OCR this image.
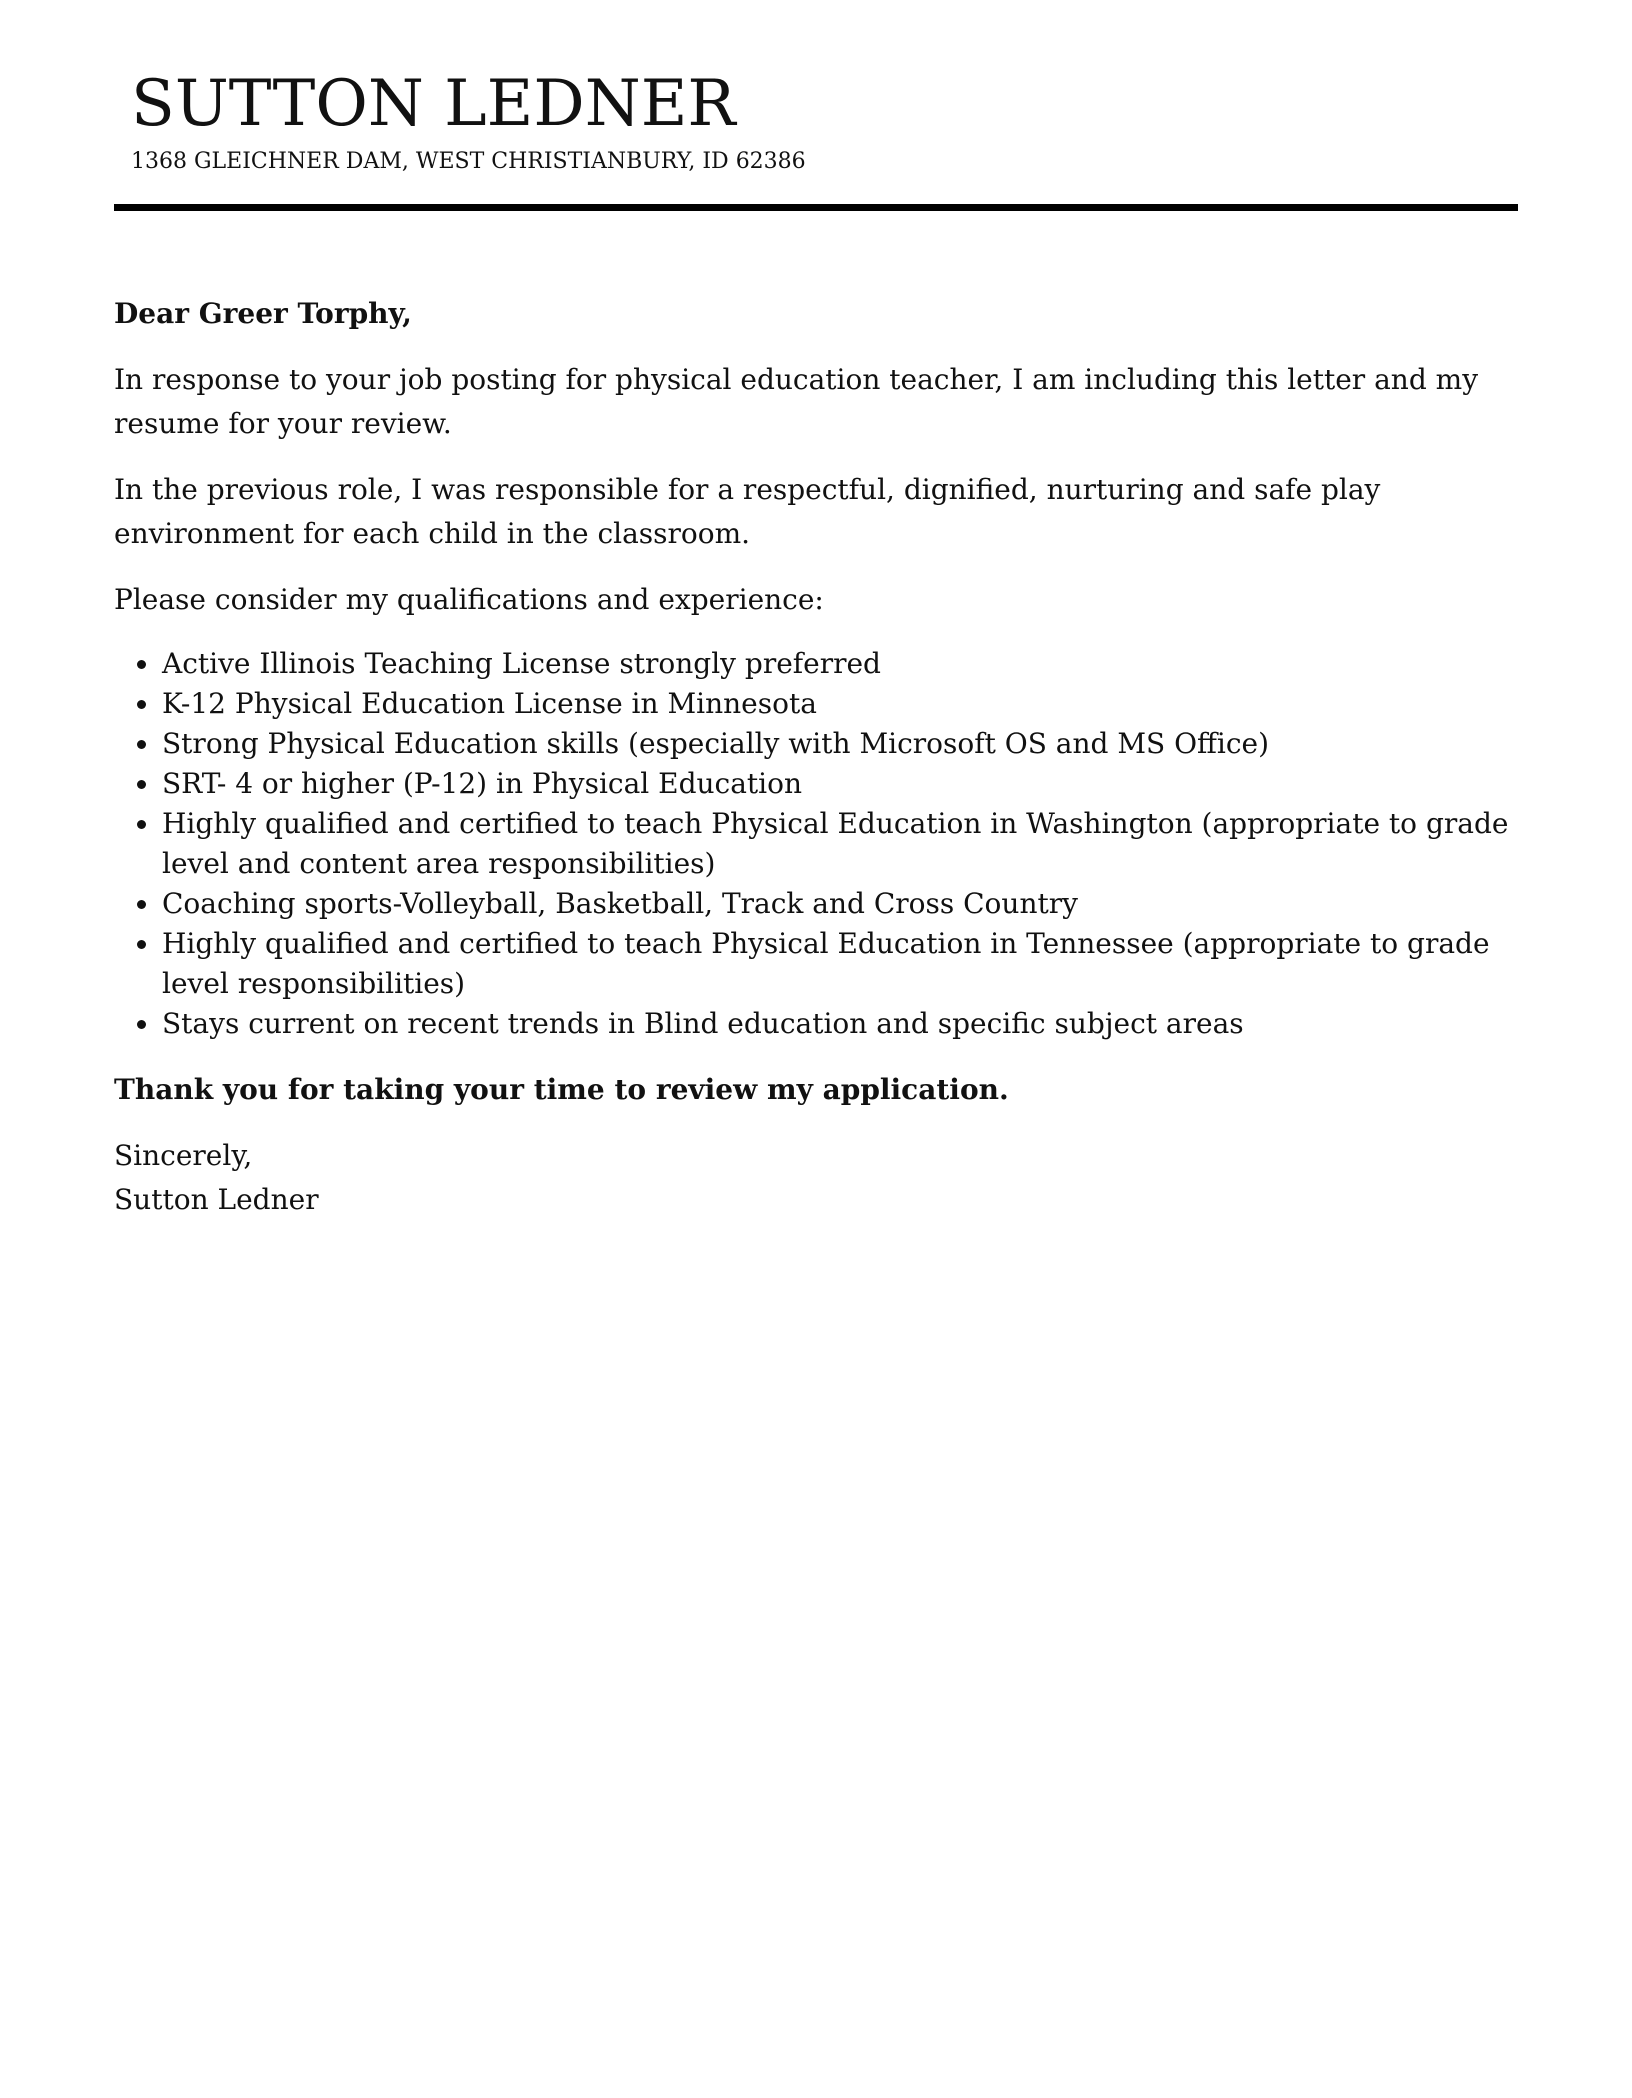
SUTTON LEDNER

1368 GLEICHNER DAM, WEST CHRISTIANBURY, ID 62386

Dear Greer Torphy,

In response to your job posting for physical education teacher, I am including this letter and my resume for your review.

In the previous role, I was responsible for a respectful, dignified, nurturing and safe play environment for each child in the classroom.

Please consider my qualifications and experience:

Active Illinois Teaching License strongly preferred
K-12 Physical Education License in Minnesota
Strong Physical Education skills (especially with Microsoft OS and MS Office)
SRT- 4 or higher (P-12) in Physical Education
Highly qualified and certified to teach Physical Education in Washington (appropriate to grade level and content area responsibilities)
Coaching sports-Volleyball, Basketball, Track and Cross Country
Highly qualified and certified to teach Physical Education in Tennessee (appropriate to grade level responsibilities)
Stays current on recent trends in Blind education and specific subject areas

Thank you for taking your time to review my application.

Sincerely,
Sutton Ledner
